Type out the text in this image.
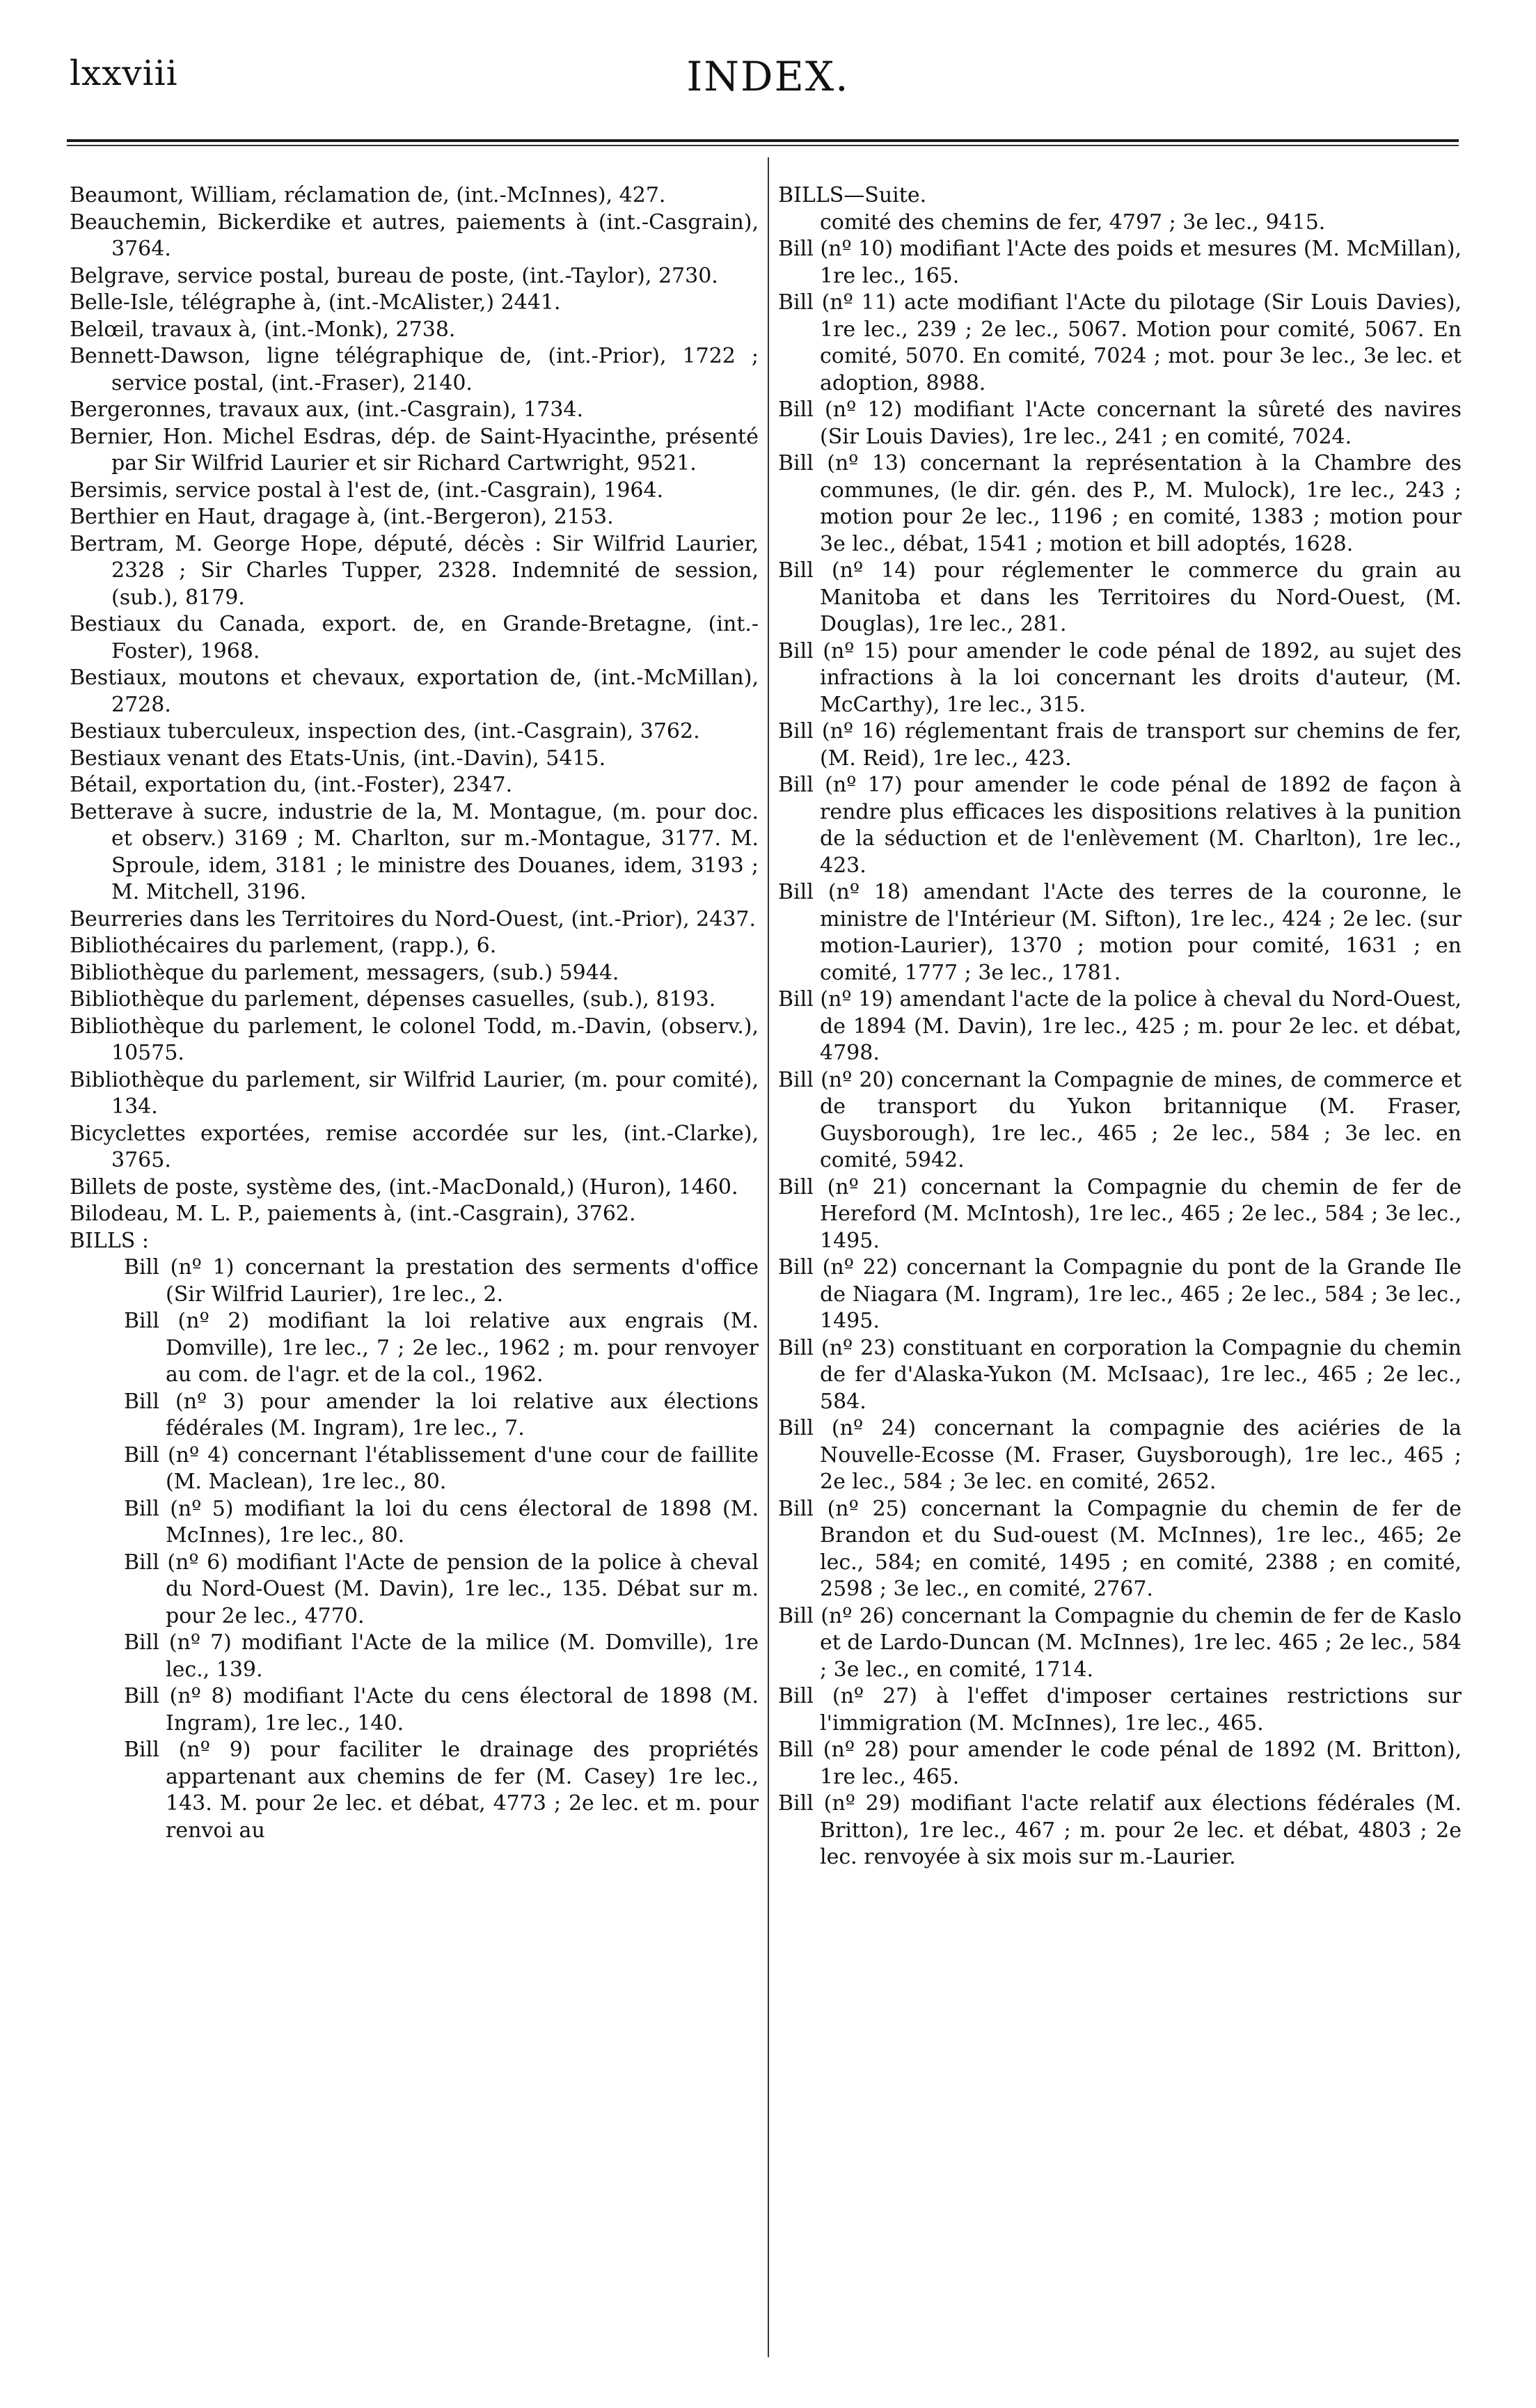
lxxviii	INDEX.

Beaumont, William, réclamation de, (int.-McInnes), 427.

Beauchemin, Bickerdike et autres, paiements à (int.-Casgrain), 3764.

Belgrave, service postal, bureau de poste, (int.-Taylor), 2730.

Belle-Isle, télégraphe à, (int.-McAlister,) 2441.

Belœil, travaux à, (int.-Monk), 2738.

Bennett-Dawson, ligne télégraphique de, (int.-Prior), 1722 ; service postal, (int.-Fraser), 2140.

Bergeronnes, travaux aux, (int.-Casgrain), 1734.

Bernier, Hon. Michel Esdras, dép. de Saint-Hyacinthe, présenté par Sir Wilfrid Laurier et sir Richard Cartwright, 9521.

Bersimis, service postal à l'est de, (int.-Casgrain), 1964.

Berthier en Haut, dragage à, (int.-Bergeron), 2153.

Bertram, M. George Hope, député, décès : Sir Wilfrid Laurier, 2328 ; Sir Charles Tupper, 2328. Indemnité de session, (sub.), 8179.

Bestiaux du Canada, export. de, en Grande-Bretagne, (int.-Foster), 1968.

Bestiaux, moutons et chevaux, exportation de, (int.-McMillan), 2728.

Bestiaux tuberculeux, inspection des, (int.-Casgrain), 3762.

Bestiaux venant des Etats-Unis, (int.-Davin), 5415.

Bétail, exportation du, (int.-Foster), 2347.

Betterave à sucre, industrie de la, M. Montague, (m. pour doc. et observ.) 3169 ; M. Charlton, sur m.-Montague, 3177. M. Sproule, idem, 3181 ; le ministre des Douanes, idem, 3193 ; M. Mitchell, 3196.

Beurreries dans les Territoires du Nord-Ouest, (int.-Prior), 2437.

Bibliothécaires du parlement, (rapp.), 6.

Bibliothèque du parlement, messagers, (sub.) 5944.

Bibliothèque du parlement, dépenses casuelles, (sub.), 8193.

Bibliothèque du parlement, le colonel Todd, m.-Davin, (observ.), 10575.

Bibliothèque du parlement, sir Wilfrid Laurier, (m. pour comité), 134.

Bicyclettes exportées, remise accordée sur les, (int.-Clarke), 3765.

Billets de poste, système des, (int.-MacDonald,) (Huron), 1460.

Bilodeau, M. L. P., paiements à, (int.-Casgrain), 3762.

BILLS :

Bill (nº 1) concernant la prestation des serments d'office (Sir Wilfrid Laurier), 1re lec., 2.

Bill (nº 2) modifiant la loi relative aux engrais (M. Domville), 1re lec., 7 ; 2e lec., 1962 ; m. pour renvoyer au com. de l'agr. et de la col., 1962.

Bill (nº 3) pour amender la loi relative aux élections fédérales (M. Ingram), 1re lec., 7.

Bill (nº 4) concernant l'établissement d'une cour de faillite (M. Maclean), 1re lec., 80.

Bill (nº 5) modifiant la loi du cens électoral de 1898 (M. McInnes), 1re lec., 80.

Bill (nº 6) modifiant l'Acte de pension de la police à cheval du Nord-Ouest (M. Davin), 1re lec., 135. Débat sur m. pour 2e lec., 4770.

Bill (nº 7) modifiant l'Acte de la milice (M. Domville), 1re lec., 139.

Bill (nº 8) modifiant l'Acte du cens électoral de 1898 (M. Ingram), 1re lec., 140.

Bill (nº 9) pour faciliter le drainage des propriétés appartenant aux chemins de fer (M. Casey) 1re lec., 143. M. pour 2e lec. et débat, 4773 ; 2e lec. et m. pour renvoi au

BILLS—Suite.

comité des chemins de fer, 4797 ; 3e lec., 9415.

Bill (nº 10) modifiant l'Acte des poids et mesures (M. McMillan), 1re lec., 165.

Bill (nº 11) acte modifiant l'Acte du pilotage (Sir Louis Davies), 1re lec., 239 ; 2e lec., 5067. Motion pour comité, 5067. En comité, 5070. En comité, 7024 ; mot. pour 3e lec., 3e lec. et adoption, 8988.

Bill (nº 12) modifiant l'Acte concernant la sûreté des navires (Sir Louis Davies), 1re lec., 241 ; en comité, 7024.

Bill (nº 13) concernant la représentation à la Chambre des communes, (le dir. gén. des P., M. Mulock), 1re lec., 243 ; motion pour 2e lec., 1196 ; en comité, 1383 ; motion pour 3e lec., débat, 1541 ; motion et bill adoptés, 1628.

Bill (nº 14) pour réglementer le commerce du grain au Manitoba et dans les Territoires du Nord-Ouest, (M. Douglas), 1re lec., 281.

Bill (nº 15) pour amender le code pénal de 1892, au sujet des infractions à la loi concernant les droits d'auteur, (M. McCarthy), 1re lec., 315.

Bill (nº 16) réglementant frais de transport sur chemins de fer, (M. Reid), 1re lec., 423.

Bill (nº 17) pour amender le code pénal de 1892 de façon à rendre plus efficaces les dispositions relatives à la punition de la séduction et de l'enlèvement (M. Charlton), 1re lec., 423.

Bill (nº 18) amendant l'Acte des terres de la couronne, le ministre de l'Intérieur (M. Sifton), 1re lec., 424 ; 2e lec. (sur motion-Laurier), 1370 ; motion pour comité, 1631 ; en comité, 1777 ; 3e lec., 1781.

Bill (nº 19) amendant l'acte de la police à cheval du Nord-Ouest, de 1894 (M. Davin), 1re lec., 425 ; m. pour 2e lec. et débat, 4798.

Bill (nº 20) concernant la Compagnie de mines, de commerce et de transport du Yukon britannique (M. Fraser, Guysborough), 1re lec., 465 ; 2e lec., 584 ; 3e lec. en comité, 5942.

Bill (nº 21) concernant la Compagnie du chemin de fer de Hereford (M. McIntosh), 1re lec., 465 ; 2e lec., 584 ; 3e lec., 1495.

Bill (nº 22) concernant la Compagnie du pont de la Grande Ile de Niagara (M. Ingram), 1re lec., 465 ; 2e lec., 584 ; 3e lec., 1495.

Bill (nº 23) constituant en corporation la Compagnie du chemin de fer d'Alaska-Yukon (M. McIsaac), 1re lec., 465 ; 2e lec., 584.

Bill (nº 24) concernant la compagnie des aciéries de la Nouvelle-Ecosse (M. Fraser, Guysborough), 1re lec., 465 ; 2e lec., 584 ; 3e lec. en comité, 2652.

Bill (nº 25) concernant la Compagnie du chemin de fer de Brandon et du Sud-ouest (M. McInnes), 1re lec., 465; 2e lec., 584; en comité, 1495 ; en comité, 2388 ; en comité, 2598 ; 3e lec., en comité, 2767.

Bill (nº 26) concernant la Compagnie du chemin de fer de Kaslo et de Lardo-Duncan (M. McInnes), 1re lec. 465 ; 2e lec., 584 ; 3e lec., en comité, 1714.

Bill (nº 27) à l'effet d'imposer certaines restrictions sur l'immigration (M. McInnes), 1re lec., 465.

Bill (nº 28) pour amender le code pénal de 1892 (M. Britton), 1re lec., 465.

Bill (nº 29) modifiant l'acte relatif aux élections fédérales (M. Britton), 1re lec., 467 ; m. pour 2e lec. et débat, 4803 ; 2e lec. renvoyée à six mois sur m.-Laurier.
